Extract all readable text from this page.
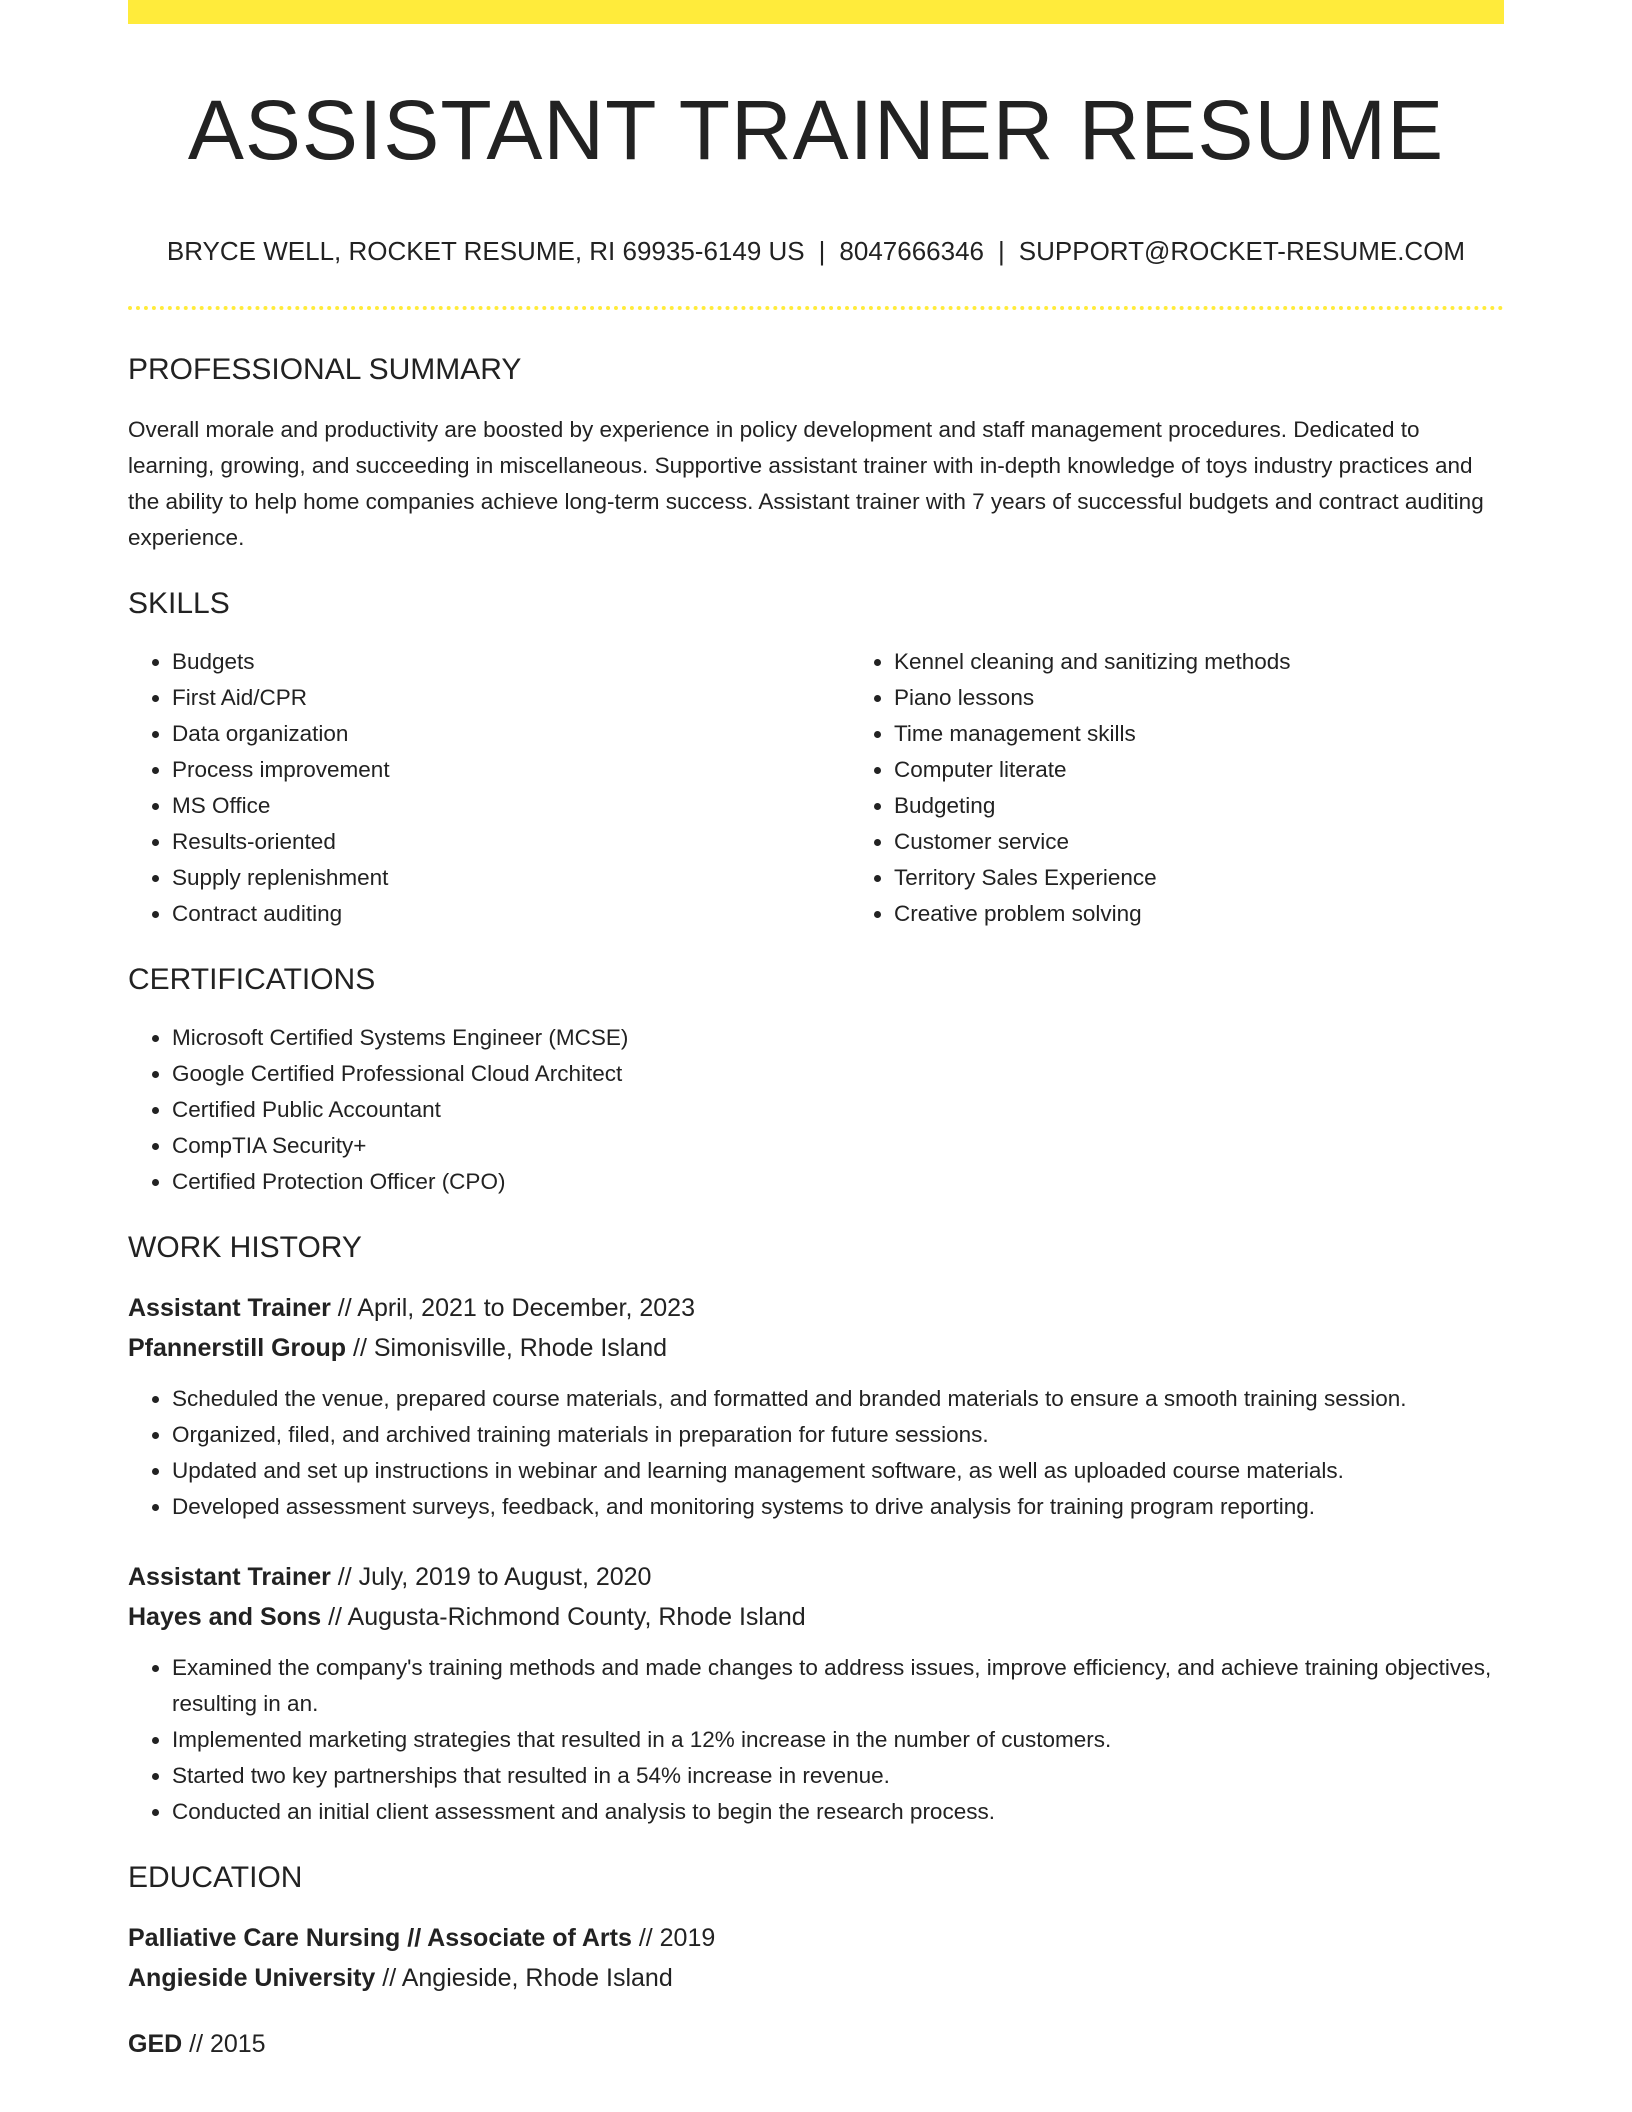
ASSISTANT TRAINER RESUME
BRYCE WELL, ROCKET RESUME, RI 69935-6149 US | 8047666346 | SUPPORT@ROCKET-RESUME.COM
PROFESSIONAL SUMMARY

Overall morale and productivity are boosted by experience in policy development and staff management procedures. Dedicated to learning, growing, and succeeding in miscellaneous. Supportive assistant trainer with in-depth knowledge of toys industry practices and the ability to help home companies achieve long-term success. Assistant trainer with 7 years of successful budgets and contract auditing experience.

SKILLS
• Budgets
• First Aid/CPR
• Data organization
• Process improvement
• MS Office
• Results-oriented
• Supply replenishment
• Contract auditing
• Kennel cleaning and sanitizing methods
• Piano lessons
• Time management skills
• Computer literate
• Budgeting
• Customer service
• Territory Sales Experience
• Creative problem solving
CERTIFICATIONS
• Microsoft Certified Systems Engineer (MCSE)
• Google Certified Professional Cloud Architect
• Certified Public Accountant
• CompTIA Security+
• Certified Protection Officer (CPO)
WORK HISTORY
Assistant Trainer // April, 2021 to December, 2023
Pfannerstill Group // Simonisville, Rhode Island
• Scheduled the venue, prepared course materials, and formatted and branded materials to ensure a smooth training session.
• Organized, filed, and archived training materials in preparation for future sessions.
• Updated and set up instructions in webinar and learning management software, as well as uploaded course materials.
• Developed assessment surveys, feedback, and monitoring systems to drive analysis for training program reporting.
Assistant Trainer // July, 2019 to August, 2020
Hayes and Sons // Augusta-Richmond County, Rhode Island
• Examined the company's training methods and made changes to address issues, improve efficiency, and achieve training objectives, resulting in an.
• Implemented marketing strategies that resulted in a 12% increase in the number of customers.
• Started two key partnerships that resulted in a 54% increase in revenue.
• Conducted an initial client assessment and analysis to begin the research process.
EDUCATION
Palliative Care Nursing // Associate of Arts // 2019
Angieside University // Angieside, Rhode Island
GED // 2015
